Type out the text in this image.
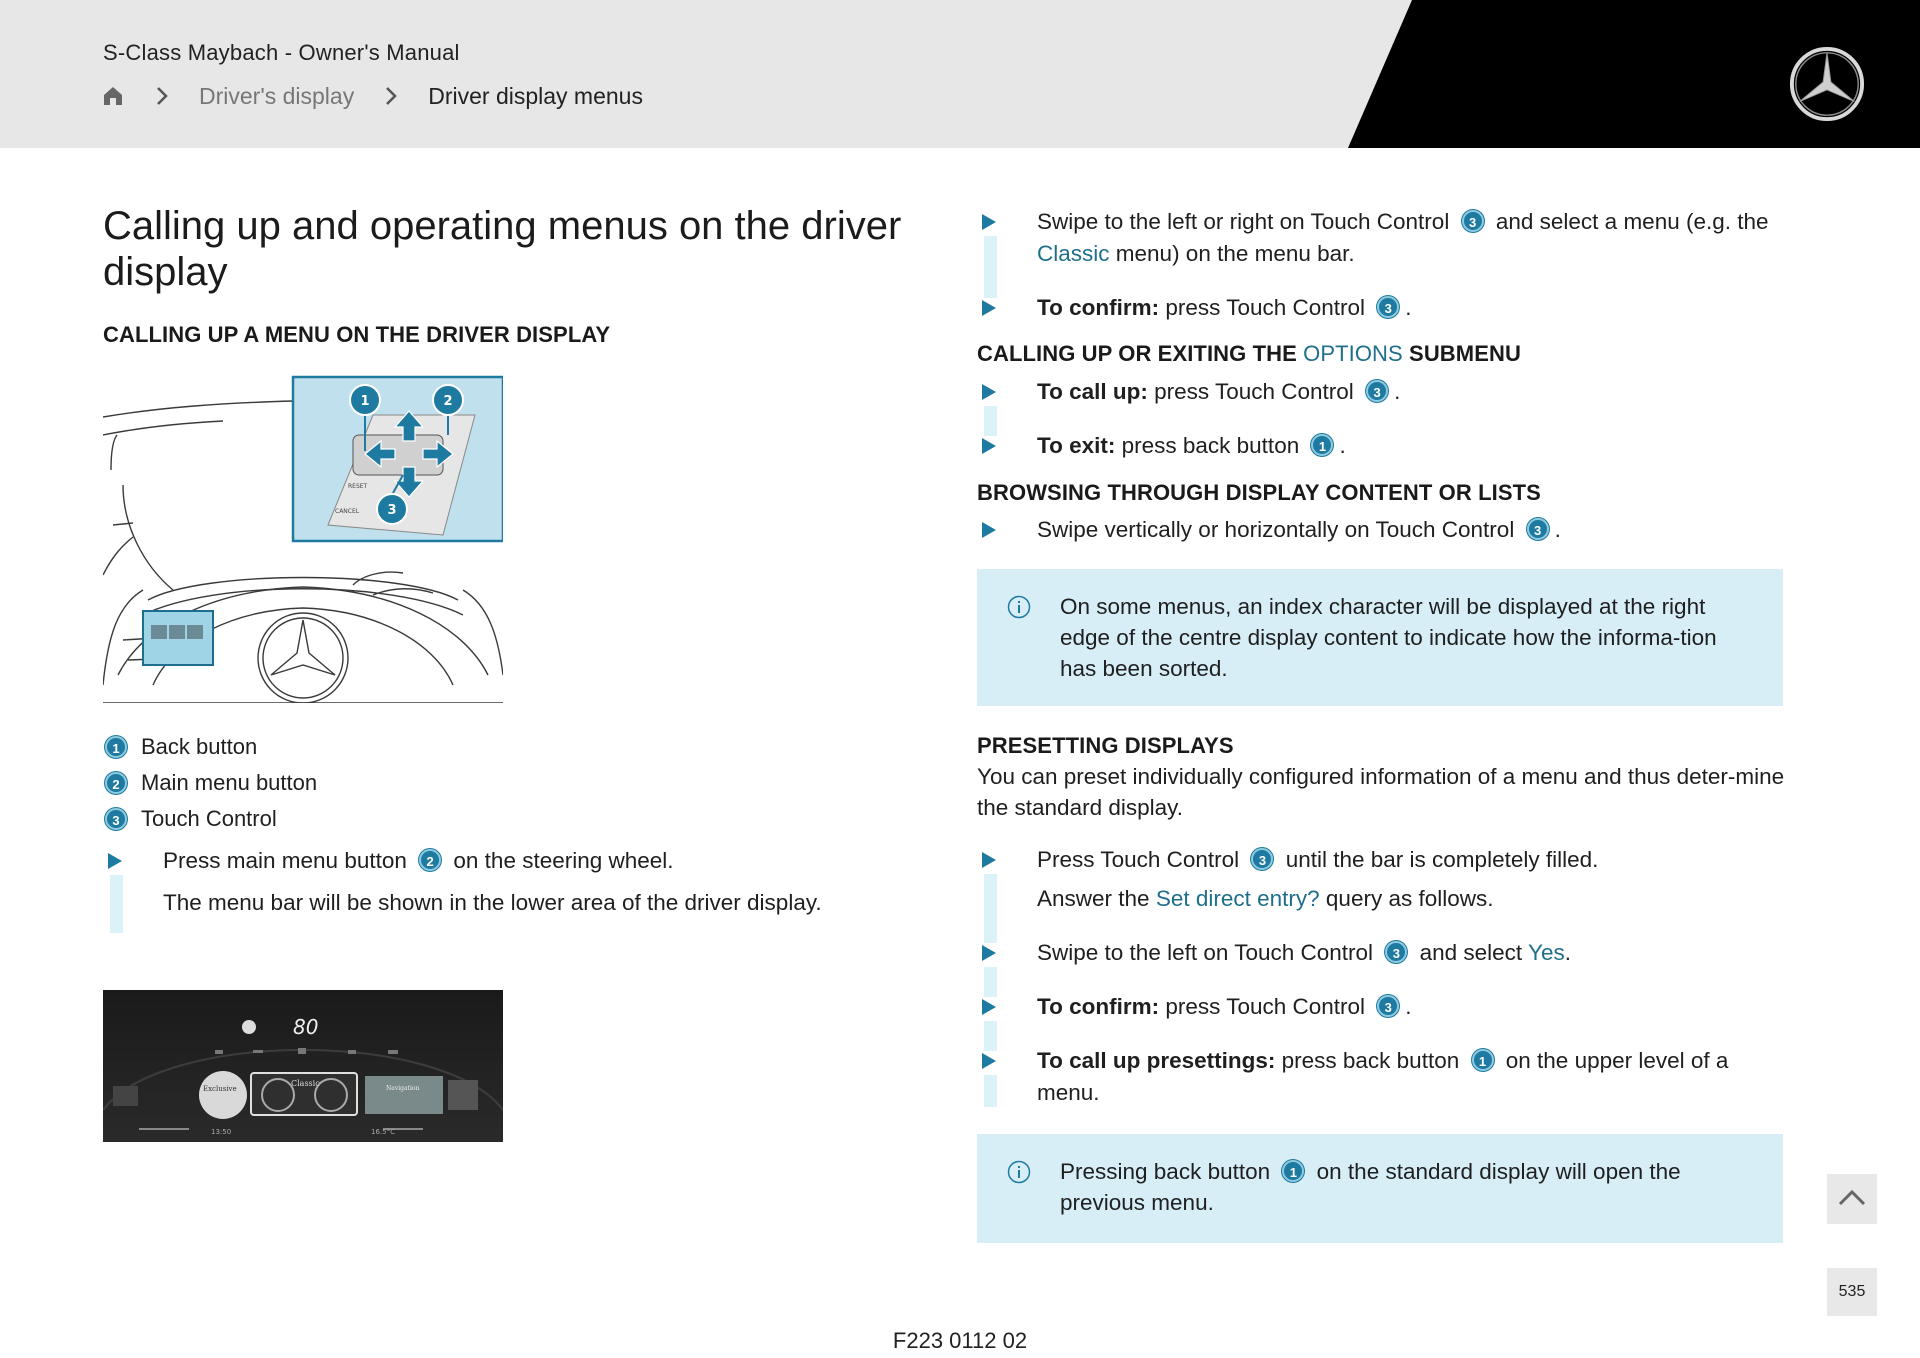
S-Class Maybach - Owner's Manual
Driver's display	Driver display menus
Calling up and operating menus on the driver display
CALLING UP A MENU ON THE DRIVER DISPLAY
RESET
CANCEL
1	2
3
1 Back button
2 Main menu button
3 Touch Control

Press main menu button 2 on the steering wheel.

The menu bar will be shown in the lower area of the driver display.

80
Exclusive
Classic
Navigation
13:50	16.5°C

Swipe to the left or right on Touch Control 3 and select a menu (e.g. the Classic menu) on the menu bar.

To confirm: press Touch Control 3 .

CALLING UP OR EXITING THE OPTIONS SUBMENU

To call up: press Touch Control 3 .

To exit: press back button 1 .

BROWSING THROUGH DISPLAY CONTENT OR LISTS

Swipe vertically or horizontally on Touch Control 3 .

On some menus, an index character will be displayed at the right edge of the centre display content to indicate how the informa-tion has been sorted.
PRESETTING DISPLAYS
You can preset individually configured information of a menu and thus deter-mine the standard display.

Press Touch Control 3 until the bar is completely filled.

Answer the Set direct entry? query as follows.

Swipe to the left on Touch Control 3 and select Yes.

To confirm: press Touch Control 3 .

To call up presettings: press back button 1 on the upper level of a menu.

Pressing back button 1 on the standard display will open the previous menu.
535
F223 0112 02
